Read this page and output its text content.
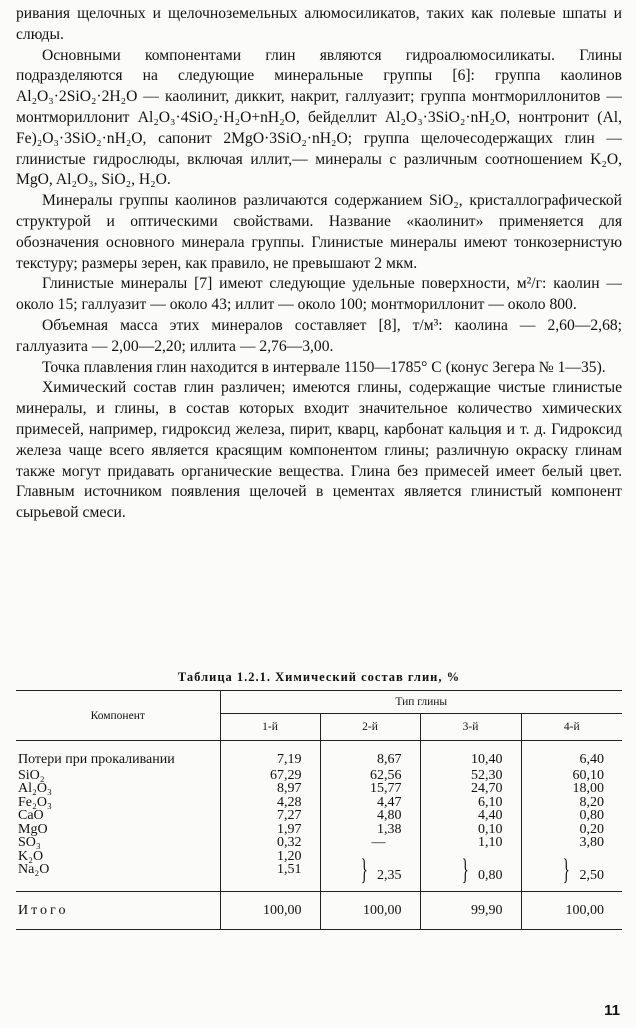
ривания щелочных и щелочноземельных алюмосиликатов, таких как полевые шпаты и слюды.

Основными компонентами глин являются гидроалюмосиликаты. Глины подразделяются на следующие минеральные группы [6]: группа каолинов Al₂O₃·2SiO₂·2H₂O — каолинит, диккит, накрит, галлуазит; группа монтмориллонитов — монтмориллонит Al₂O₃·4SiO₂·H₂O+nH₂O, бейделлит Al₂O₃·3SiO₂·nH₂O, нонтронит (Al, Fe)₂O₃·3SiO₂·nH₂O, сапонит 2MgO·3SiO₂·nH₂O; группа щелочесодержащих глин — глинистые гидрослюды, включая иллит,— минералы с различным соотношением K₂O, MgO, Al₂O₃, SiO₂, H₂O.

Минералы группы каолинов различаются содержанием SiO₂, кристаллографической структурой и оптическими свойствами. Название «каолинит» применяется для обозначения основного минерала группы. Глинистые минералы имеют тонкозернистую текстуру; размеры зерен, как правило, не превышают 2 мкм.

Глинистые минералы [7] имеют следующие удельные поверхности, м²/г: каолин — около 15; галлуазит — около 43; иллит — около 100; монтмориллонит — около 800.

Объемная масса этих минералов составляет [8], т/м³: каолина — 2,60—2,68; галлуазита — 2,00—2,20; иллита — 2,76—3,00.

Точка плавления глин находится в интервале 1150—1785° С (конус Зегера № 1—35).

Химический состав глин различен; имеются глины, содержащие чистые глинистые минералы, и глины, в состав которых входит значительное количество химических примесей, например, гидроксид железа, пирит, кварц, карбонат кальция и т. д. Гидроксид железа чаще всего является красящим компонентом глины; различную окраску глинам также могут придавать органические вещества. Глина без примесей имеет белый цвет. Главным источником появления щелочей в цементах является глинистый компонент сырьевой смеси.

Таблица 1.2.1. Химический состав глин, %
Компонент	Тип глины			
	1-й	2-й	3-й	4-й
Потери при прокаливании	7,19	8,67	10,40	6,40
SiO₂	67,29	62,56	52,30	60,10
Al₂O₃	8,97	15,77	24,70	18,00
Fe₂O₃	4,28	4,47	6,10	8,20
CaO	7,27	4,80	4,40	0,80
MgO	1,97	1,38	0,10	0,20
SO₃	0,32	—	1,10	3,80
K₂O	1,20	} 2,35	} 0,80	} 2,50
Na₂O	1,51			
Итого	100,00	100,00	99,90	100,00
11
